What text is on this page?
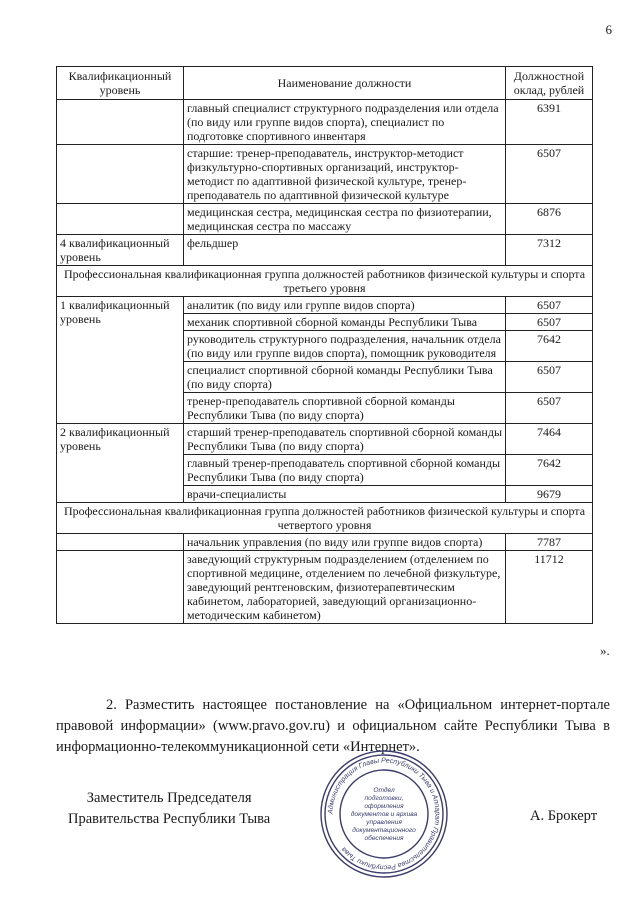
6
Квалификационный уровень	Наименование должности	Должностной оклад, рублей
	главный специалист структурного подразделения или отдела (по виду или группе видов спорта), специалист по подготовке спортивного инвентаря	6391
	старшие: тренер-преподаватель, инструктор-методист физкультурно-спортивных организаций, инструктор-методист по адаптивной физической культуре, тренер-преподаватель по адаптивной физической культуре	6507
	медицинская сестра, медицинская сестра по физиотерапии, медицинская сестра по массажу	6876
4 квалификационный уровень	фельдшер	7312
Профессиональная квалификационная группа должностей работников физической культуры и спорта третьего уровня		
1 квалификационный уровень	аналитик (по виду или группе видов спорта)	6507
	механик спортивной сборной команды Республики Тыва	6507
	руководитель структурного подразделения, начальник отдела (по виду или группе видов спорта), помощник руководителя	7642
	специалист спортивной сборной команды Республики Тыва (по виду спорта)	6507
	тренер-преподаватель спортивной сборной команды Республики Тыва (по виду спорта)	6507
2 квалификационный уровень	старший тренер-преподаватель спортивной сборной команды Республики Тыва (по виду спорта)	7464
	главный тренер-преподаватель спортивной сборной команды Республики Тыва (по виду спорта)	7642
	врачи-специалисты	9679
Профессиональная квалификационная группа должностей работников физической культуры и спорта четвертого уровня		
	начальник управления (по виду или группе видов спорта)	7787
	заведующий структурным подразделением (отделением по спортивной медицине, отделением по лечебной физкультуре, заведующий рентгеновским, физиотерапевтическим кабинетом, лабораторией, заведующий организационно-методическим кабинетом)	11712
».

2. Разместить настоящее постановление на «Официальном интернет-портале правовой информации» (www.pravo.gov.ru) и официальном сайте Республики Тыва в информационно-телекоммуникационной сети «Интернет».

Заместитель Председателя
Правительства Республики Тыва	Администрация Главы Республики Тыва и Аппарат Правительства Республики Тыва
Отдел
подготовки,
оформления
документов и архива
управления
документационного
обеспечения
А. Брокерт
